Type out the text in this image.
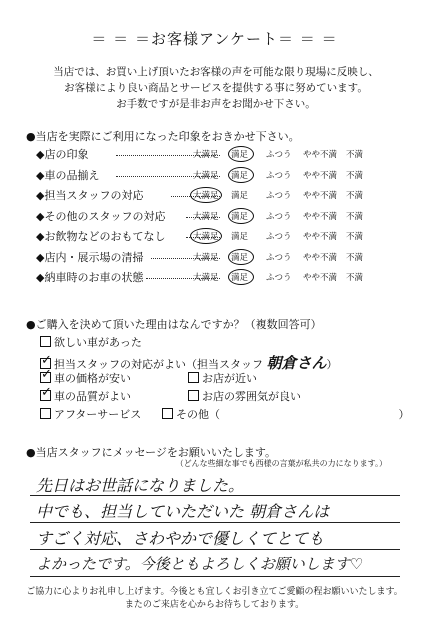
＝ ＝ ＝お客様アンケート＝ ＝ ＝
当店では、お買い上げ頂いたお客様の声を可能な限り現場に反映し、
お客様により良い商品とサービスを提供する事に努めています。
お手数ですが是非お声をお聞かせ下さい。
●当店を実際にご利用になった印象をおきかせ下さい。
◆店の印象	大満足 満足 ふつう やや不満 不満
◆車の品揃え	大満足 満足 ふつう やや不満 不満
◆担当スタッフの対応	大満足 満足 ふつう やや不満 不満
◆その他のスタッフの対応	大満足 満足 ふつう やや不満 不満
◆お飲物などのおもてなし	大満足 満足 ふつう やや不満 不満
◆店内・展示場の清掃	大満足 満足 ふつう やや不満 不満
◆納車時のお車の状態	大満足 満足 ふつう やや不満 不満
●ご購入を決めて頂いた理由はなんですか？（複数回答可）
欲しい車があった
✓ 担当スタッフの対応がよい（担当スタッフ 朝倉さん）
✓ 車の価格が安い	お店が近い
✓ 車の品質がよい	お店の雰囲気が良い
アフターサービス	その他（	）
●当店スタッフにメッセージをお願いいたします。
（どんな些細な事でも西様の言葉が私共の力になります。）
先日はお世話になりました。
中でも、担当していただいた 朝倉さんは
すごく対応、さわやかで優しくてとても
よかったです。今後ともよろしくお願いします♡
ご協力に心よりお礼申し上げます。今後とも宜しくお引き立てご愛顧の程お願いいたします。
またのご来店を心からお待ちしております。
